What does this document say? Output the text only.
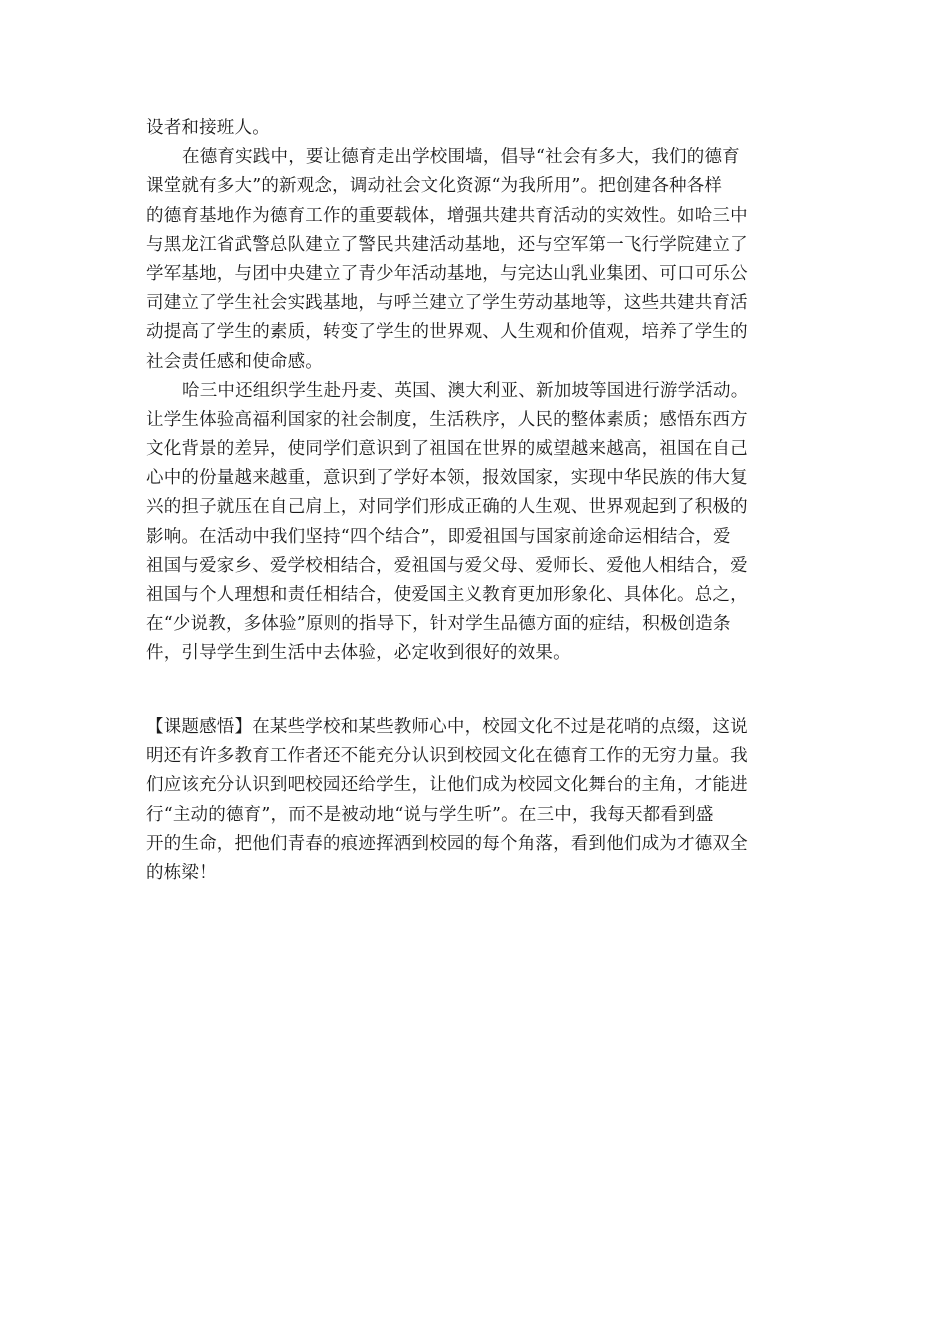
设者和接班人。
在德育实践中，要让德育走出学校围墙，倡导“社会有多大，我们的德育
课堂就有多大”的新观念，调动社会文化资源“为我所用”。把创建各种各样
的德育基地作为德育工作的重要载体，增强共建共育活动的实效性。如哈三中
与黑龙江省武警总队建立了警民共建活动基地，还与空军第一飞行学院建立了
学军基地，与团中央建立了青少年活动基地，与完达山乳业集团、可口可乐公
司建立了学生社会实践基地，与呼兰建立了学生劳动基地等，这些共建共育活
动提高了学生的素质，转变了学生的世界观、人生观和价值观，培养了学生的
社会责任感和使命感。
哈三中还组织学生赴丹麦、英国、澳大利亚、新加坡等国进行游学活动。
让学生体验高福利国家的社会制度，生活秩序，人民的整体素质；感悟东西方
文化背景的差异，使同学们意识到了祖国在世界的威望越来越高，祖国在自己
心中的份量越来越重，意识到了学好本领，报效国家，实现中华民族的伟大复
兴的担子就压在自己肩上，对同学们形成正确的人生观、世界观起到了积极的
影响。在活动中我们坚持“四个结合”，即爱祖国与国家前途命运相结合，爱
祖国与爱家乡、爱学校相结合，爱祖国与爱父母、爱师长、爱他人相结合，爱
祖国与个人理想和责任相结合，使爱国主义教育更加形象化、具体化。总之，
在“少说教，多体验”原则的指导下，针对学生品德方面的症结，积极创造条
件，引导学生到生活中去体验，必定收到很好的效果。
【课题感悟】在某些学校和某些教师心中，校园文化不过是花哨的点缀，这说
明还有许多教育工作者还不能充分认识到校园文化在德育工作的无穷力量。我
们应该充分认识到吧校园还给学生，让他们成为校园文化舞台的主角，才能进
行“主动的德育”，而不是被动地“说与学生听”。在三中，我每天都看到盛
开的生命，把他们青春的痕迹挥洒到校园的每个角落，看到他们成为才德双全
的栋梁！
